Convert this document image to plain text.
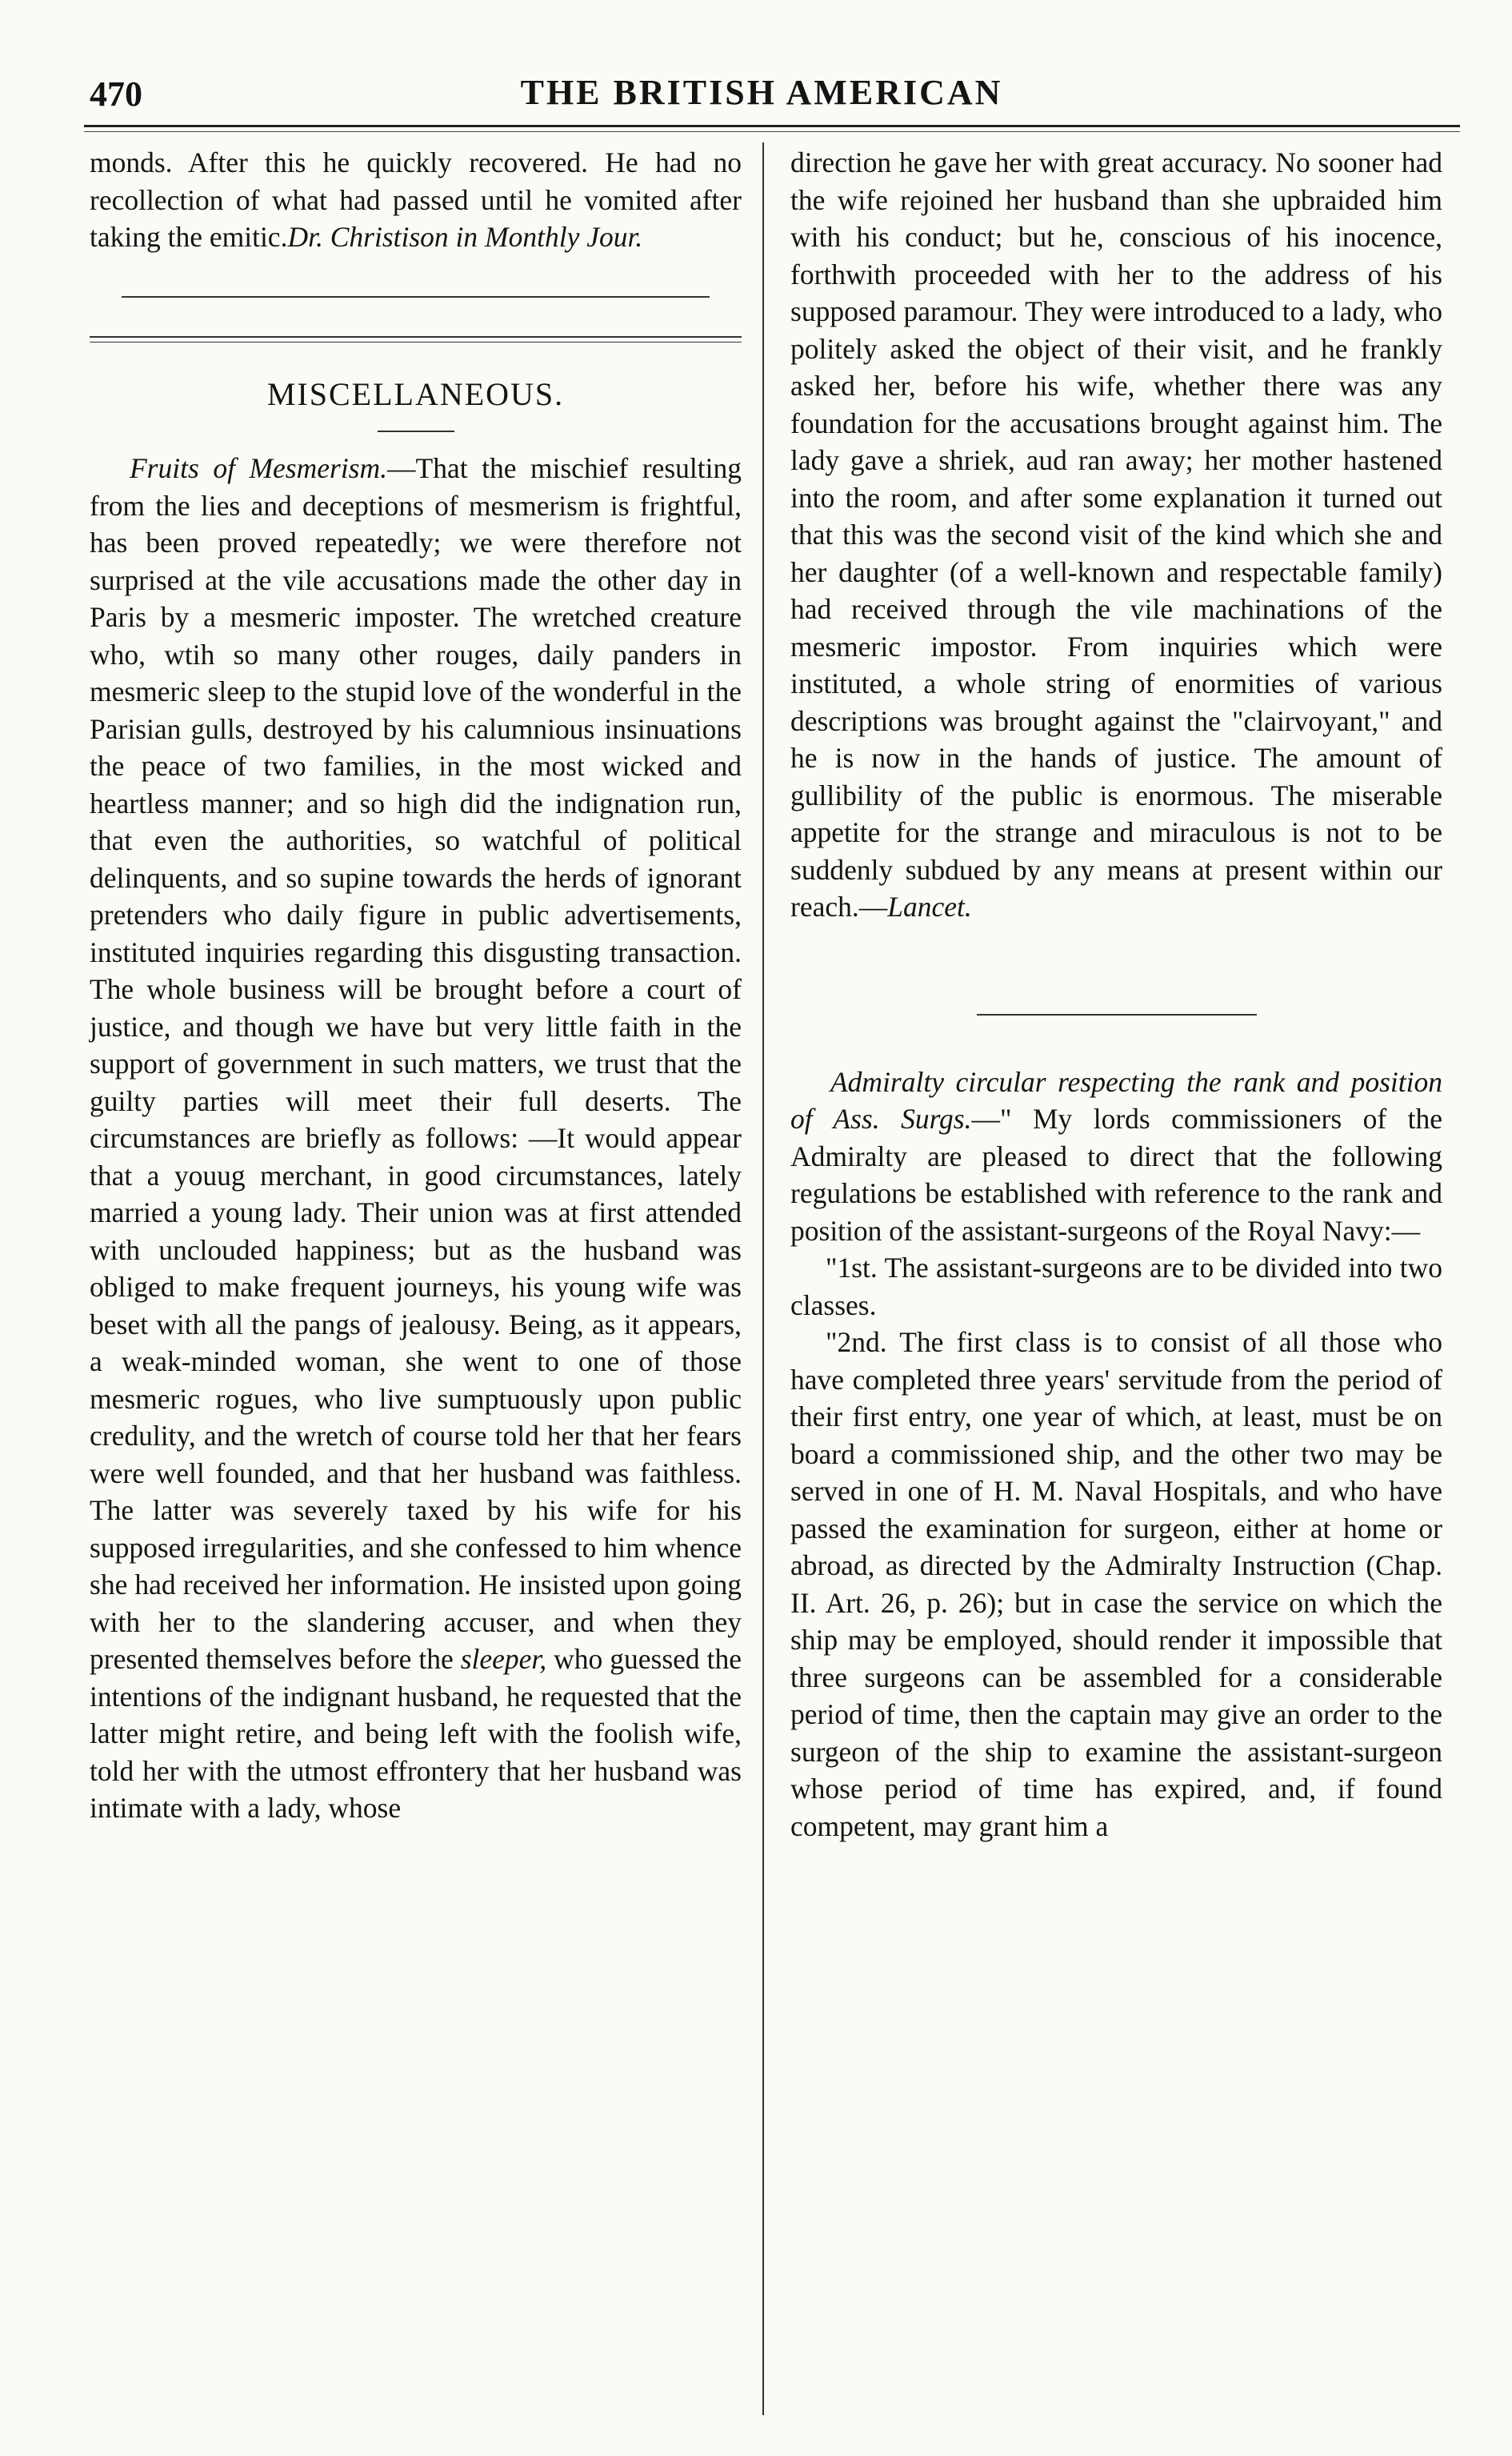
470	THE BRITISH AMERICAN

monds. After this he quickly recovered. He had no recollection of what had passed until he vomited after taking the emitic.Dr. Christison in Monthly Jour.

MISCELLANEOUS.

Fruits of Mesmerism.—That the mischief resulting from the lies and deceptions of mesmerism is frightful, has been proved repeatedly; we were therefore not surprised at the vile accusations made the other day in Paris by a mesmeric imposter. The wretched creature who, wtih so many other rouges, daily panders in mesmeric sleep to the stupid love of the wonderful in the Parisian gulls, destroyed by his calumnious insinuations the peace of two families, in the most wicked and heartless manner; and so high did the indignation run, that even the authorities, so watchful of political delinquents, and so supine towards the herds of ignorant pretenders who daily figure in public advertisements, instituted inquiries regarding this disgusting transaction. The whole business will be brought before a court of justice, and though we have but very little faith in the support of government in such matters, we trust that the guilty parties will meet their full deserts. The circumstances are briefly as follows: —It would appear that a youug merchant, in good circumstances, lately married a young lady. Their union was at first attended with unclouded happiness; but as the husband was obliged to make frequent journeys, his young wife was beset with all the pangs of jealousy. Being, as it appears, a weak-minded woman, she went to one of those mesmeric rogues, who live sumptuously upon public credulity, and the wretch of course told her that her fears were well founded, and that her husband was faithless. The latter was severely taxed by his wife for his supposed irregularities, and she confessed to him whence she had received her information. He insisted upon going with her to the slandering accuser, and when they presented themselves before the sleeper, who guessed the intentions of the indignant husband, he requested that the latter might retire, and being left with the foolish wife, told her with the utmost effrontery that her husband was intimate with a lady, whose

direction he gave her with great accuracy. No sooner had the wife rejoined her husband than she upbraided him with his conduct; but he, conscious of his inocence, forthwith proceeded with her to the address of his supposed paramour. They were introduced to a lady, who politely asked the object of their visit, and he frankly asked her, before his wife, whether there was any foundation for the accusations brought against him. The lady gave a shriek, aud ran away; her mother hastened into the room, and after some explanation it turned out that this was the second visit of the kind which she and her daughter (of a well-known and respectable family) had received through the vile machinations of the mesmeric impostor. From inquiries which were instituted, a whole string of enormities of various descriptions was brought against the "clairvoyant," and he is now in the hands of justice. The amount of gullibility of the public is enormous. The miserable appetite for the strange and miraculous is not to be suddenly subdued by any means at present within our reach.—Lancet.

Admiralty circular respecting the rank and position of Ass. Surgs.—" My lords commissioners of the Admiralty are pleased to direct that the following regulations be established with reference to the rank and position of the assistant-surgeons of the Royal Navy:—

"1st. The assistant-surgeons are to be divided into two classes.

"2nd. The first class is to consist of all those who have completed three years' servitude from the period of their first entry, one year of which, at least, must be on board a commissioned ship, and the other two may be served in one of H. M. Naval Hospitals, and who have passed the examination for surgeon, either at home or abroad, as directed by the Admiralty Instruction (Chap. II. Art. 26, p. 26); but in case the service on which the ship may be employed, should render it impossible that three surgeons can be assembled for a considerable period of time, then the captain may give an order to the surgeon of the ship to examine the assistant-surgeon whose period of time has expired, and, if found competent, may grant him a
